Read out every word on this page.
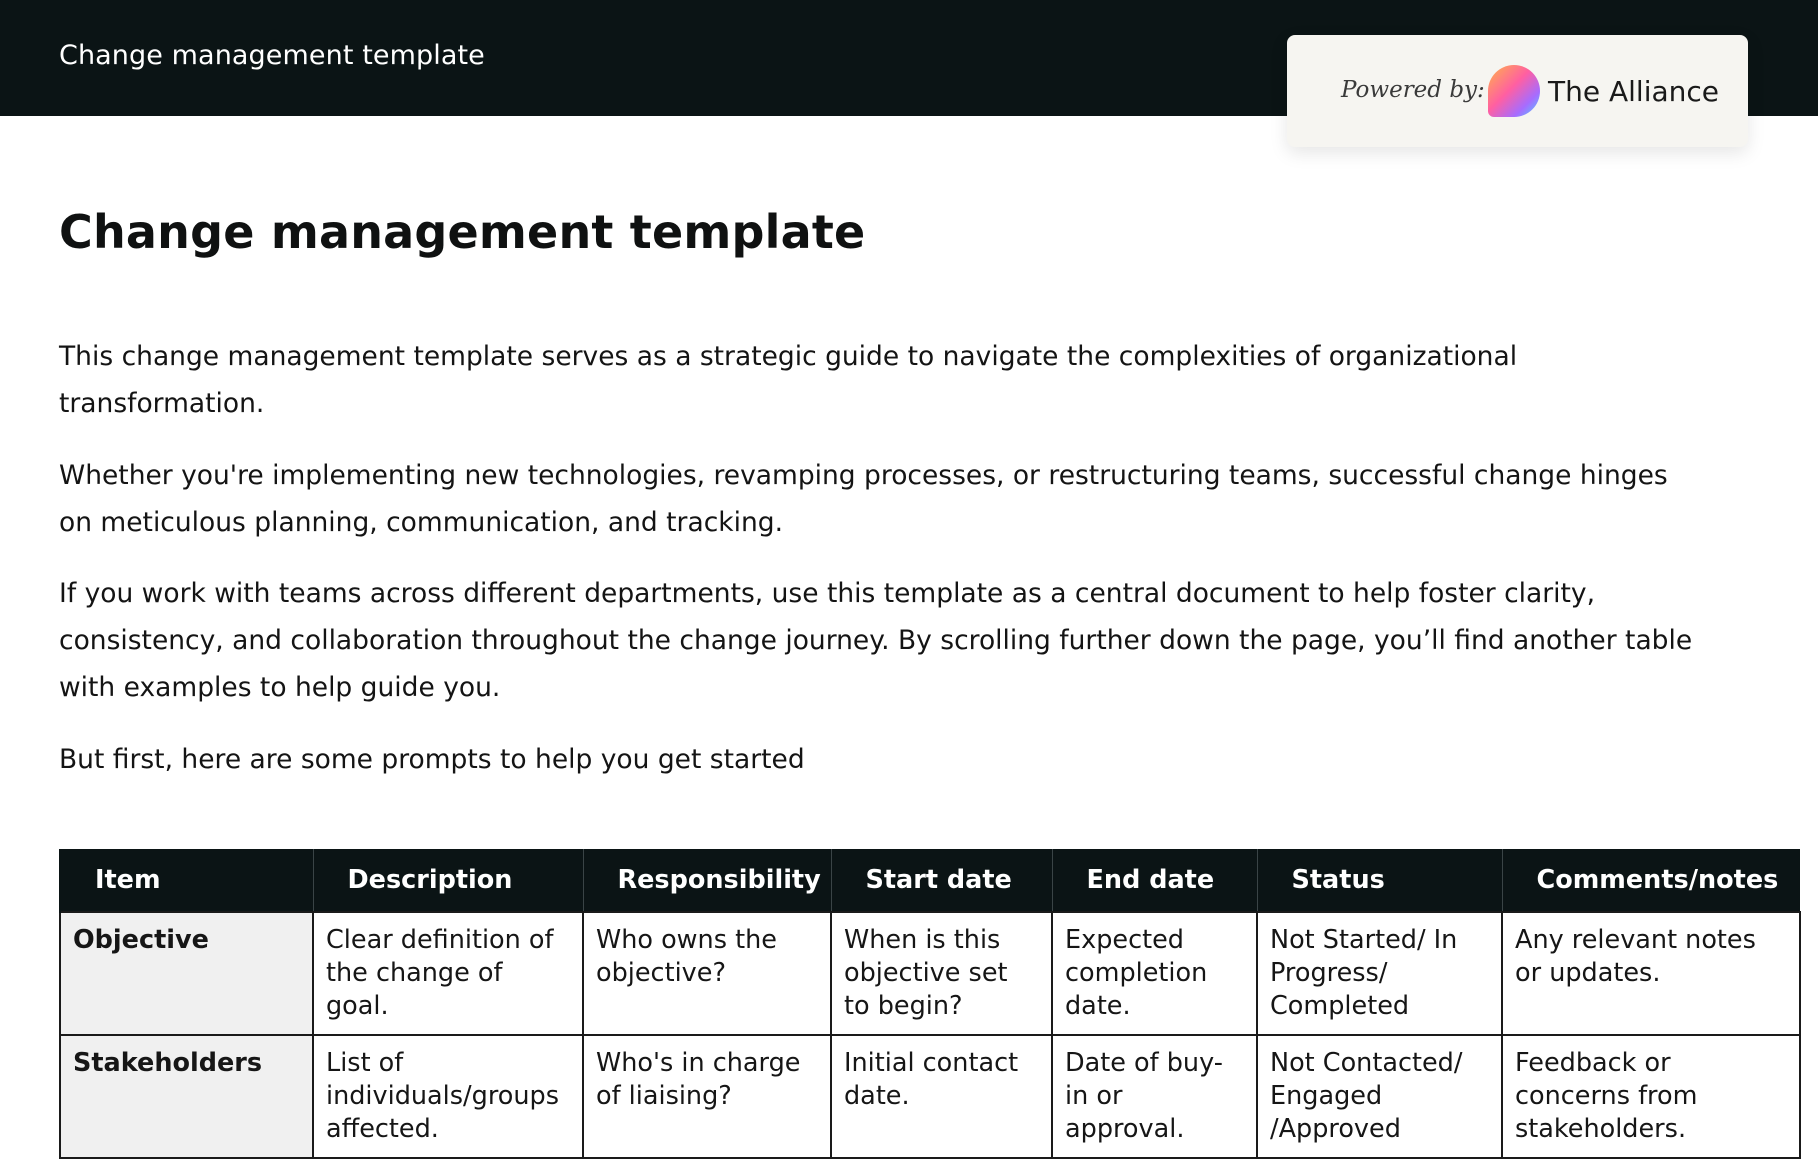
Change management template
Powered by: The Alliance
Change management template

This change management template serves as a strategic guide to navigate the complexities of organizational transformation.

Whether you're implementing new technologies, revamping processes, or restructuring teams, successful change hinges on meticulous planning, communication, and tracking.

If you work with teams across different departments, use this template as a central document to help foster clarity, consistency, and collaboration throughout the change journey. By scrolling further down the page, you’ll find another table with examples to help guide you.

But first, here are some prompts to help you get started

Item	Description	Responsibility	Start date	End date	Status	Comments/notes
Objective	Clear definition of the change of goal.	Who owns the objective?	When is this objective set to begin?	Expected completion date.	Not Started/ In Progress/ Completed	Any relevant notes or updates.
Stakeholders	List of individuals/groups affected.	Who's in charge of liaising?	Initial contact date.	Date of buy-in or approval.	Not Contacted/ Engaged /Approved	Feedback or concerns from stakeholders.
